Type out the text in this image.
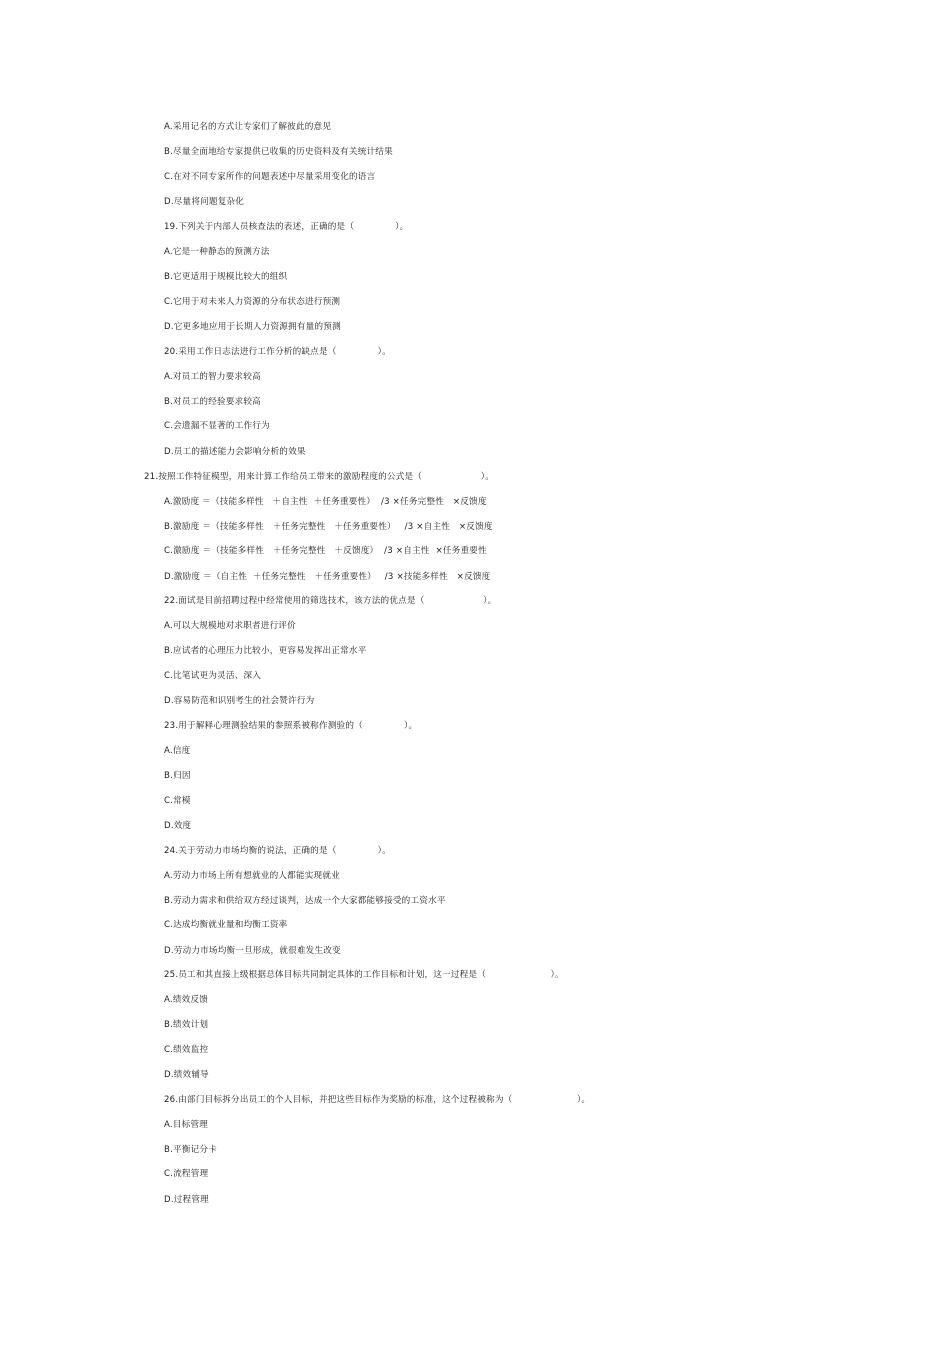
A.采用记名的方式让专家们了解彼此的意见
B.尽量全面地给专家提供已收集的历史资料及有关统计结果
C.在对不同专家所作的问题表述中尽量采用变化的语言
D.尽量将问题复杂化
19.下列关于内部人员核查法的表述，正确的是（              ）。
A.它是一种静态的预测方法
B.它更适用于规模比较大的组织
C.它用于对未来人力资源的分布状态进行预测
D.它更多地应用于长期人力资源拥有量的预测
20.采用工作日志法进行工作分析的缺点是（              ）。
A.对员工的智力要求较高
B.对员工的经验要求较高
C.会遗漏不显著的工作行为
D.员工的描述能力会影响分析的效果
21.按照工作特征模型，用来计算工作给员工带来的激励程度的公式是（                    ）。
A.激励度 ＝（技能多样性   ＋自主性  ＋任务重要性）  /3 ×任务完整性   ×反馈度
B.激励度 ＝（技能多样性   ＋任务完整性   ＋任务重要性）   /3 ×自主性   ×反馈度
C.激励度 ＝（技能多样性   ＋任务完整性   ＋反馈度）  /3 ×自主性  ×任务重要性
D.激励度 ＝（自主性  ＋任务完整性   ＋任务重要性）   /3 ×技能多样性   ×反馈度
22.面试是目前招聘过程中经常使用的筛选技术，该方法的优点是（                    ）。
A.可以大规模地对求职者进行评价
B.应试者的心理压力比较小，更容易发挥出正常水平
C.比笔试更为灵活、深入
D.容易防范和识别考生的社会赞许行为
23.用于解释心理测验结果的参照系被称作测验的（              ）。
A.信度
B.归因
C.常模
D.效度
24.关于劳动力市场均衡的说法，正确的是（              ）。
A.劳动力市场上所有想就业的人都能实现就业
B.劳动力需求和供给双方经过谈判，达成一个大家都能够接受的工资水平
C.达成均衡就业量和均衡工资率
D.劳动力市场均衡一旦形成，就很难发生改变
25.员工和其直接上级根据总体目标共同制定具体的工作目标和计划，这一过程是（                      ）。
A.绩效反馈
B.绩效计划
C.绩效监控
D.绩效辅导
26.由部门目标拆分出员工的个人目标，并把这些目标作为奖励的标准，这个过程被称为（                      ）。
A.目标管理
B.平衡记分卡
C.流程管理
D.过程管理
